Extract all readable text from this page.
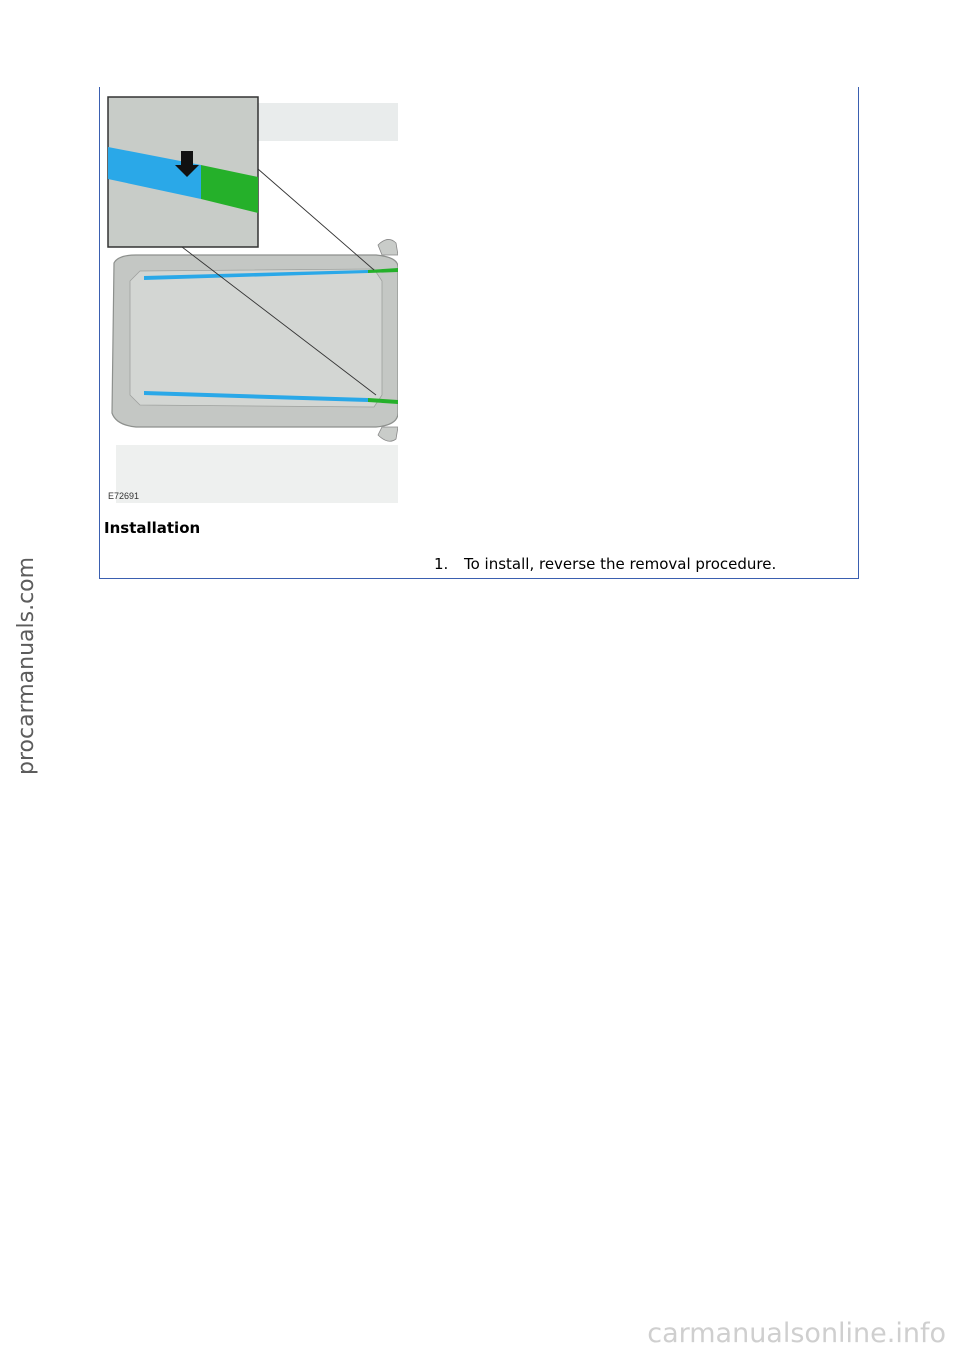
E72691
Installation
1. To install, reverse the removal procedure.
procarmanuals.com
carmanualsonline.info
